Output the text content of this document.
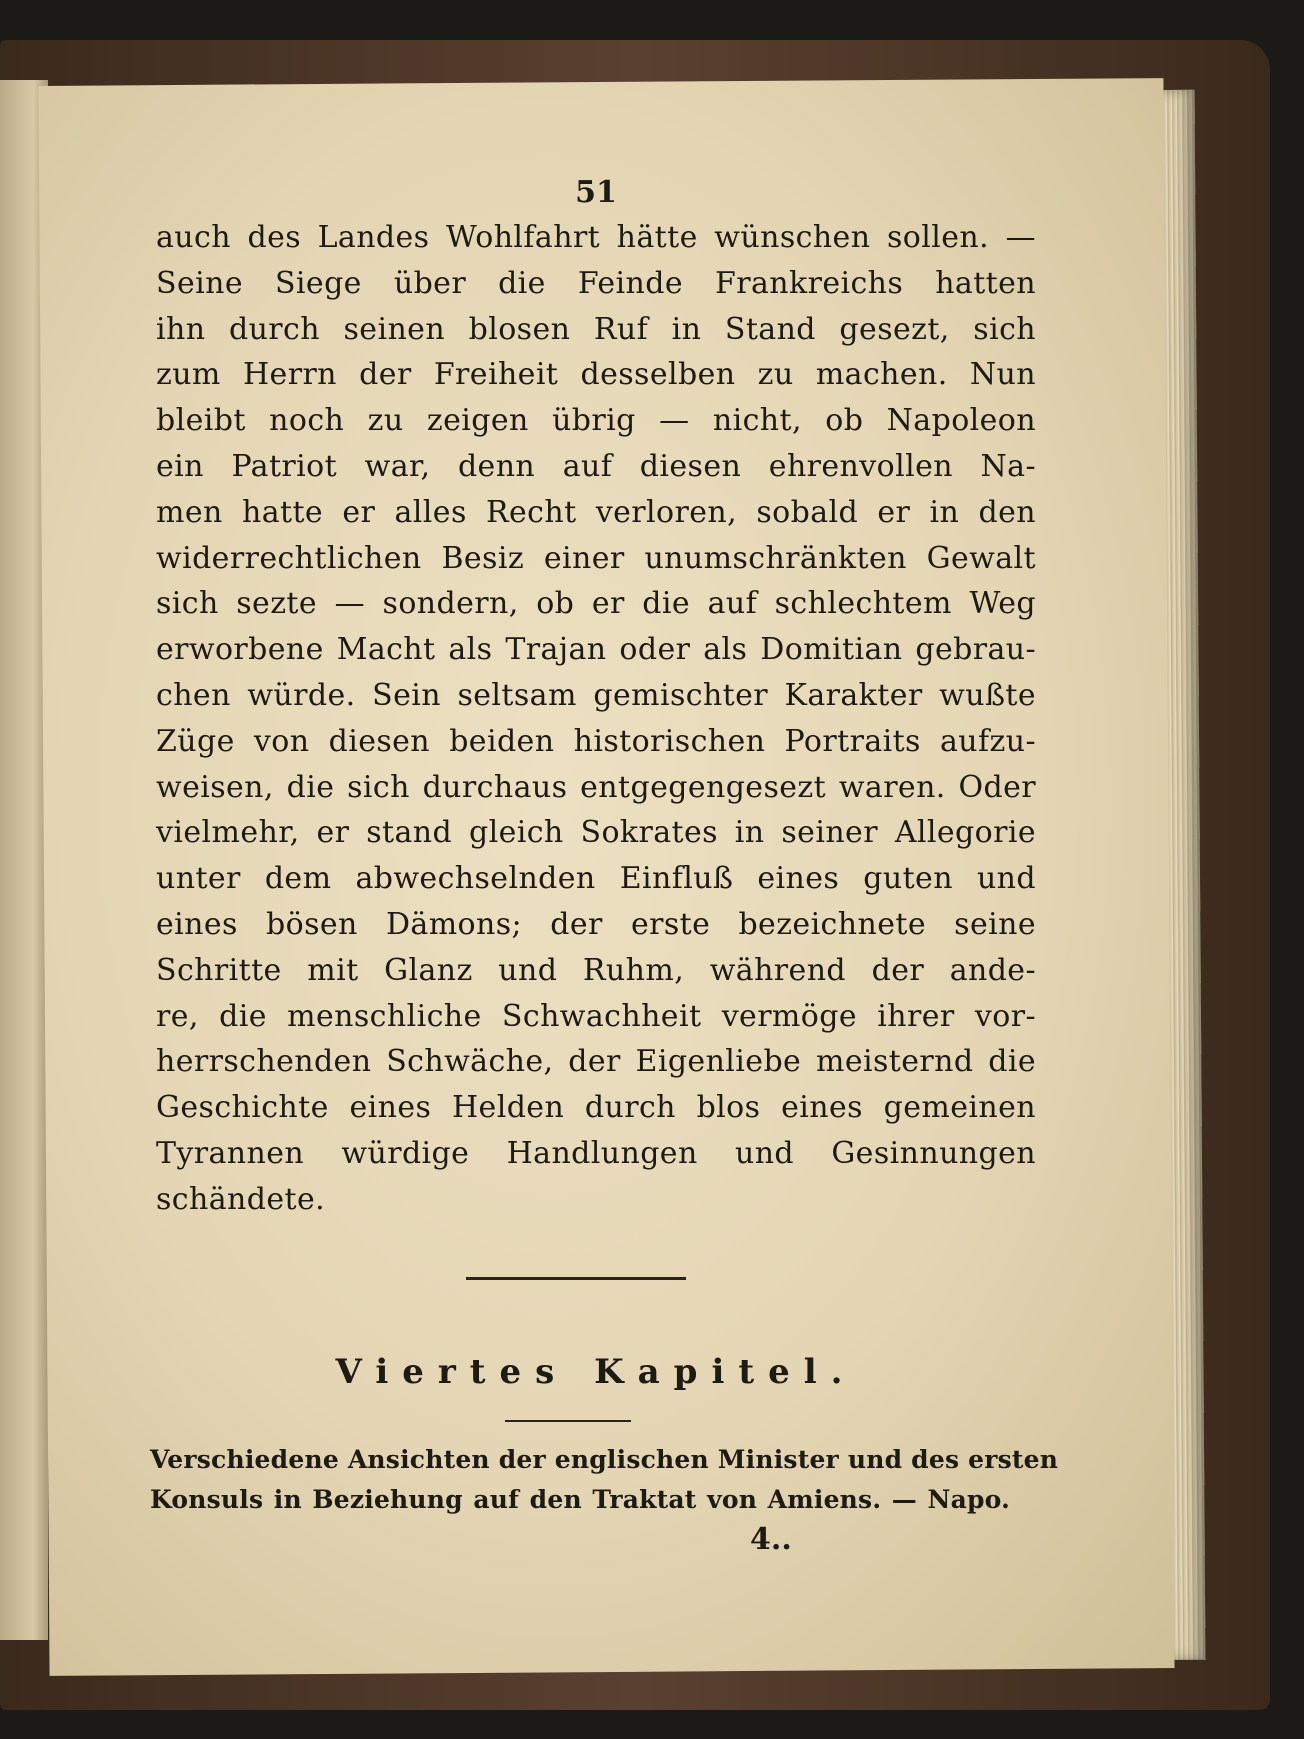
51
auch des Landes Wohlfahrt hätte wünschen sollen. —
Seine Siege über die Feinde Frankreichs hatten
ihn durch seinen blosen Ruf in Stand gesezt, sich
zum Herrn der Freiheit desselben zu machen. Nun
bleibt noch zu zeigen übrig — nicht, ob Napoleon
ein Patriot war, denn auf diesen ehrenvollen Na-
men hatte er alles Recht verloren, sobald er in den
widerrechtlichen Besiz einer unumschränkten Gewalt
sich sezte — sondern, ob er die auf schlechtem Weg
erworbene Macht als Trajan oder als Domitian gebrau-
chen würde. Sein seltsam gemischter Karakter wußte
Züge von diesen beiden historischen Portraits aufzu-
weisen, die sich durchaus entgegengesezt waren. Oder
vielmehr, er stand gleich Sokrates in seiner Allegorie
unter dem abwechselnden Einfluß eines guten und
eines bösen Dämons; der erste bezeichnete seine
Schritte mit Glanz und Ruhm, während der ande-
re, die menschliche Schwachheit vermöge ihrer vor-
herrschenden Schwäche, der Eigenliebe meisternd die
Geschichte eines Helden durch blos eines gemeinen
Tyrannen würdige Handlungen und Gesinnungen
schändete.
Viertes Kapitel.
Verschiedene Ansichten der englischen Minister und des ersten
Konsuls in Beziehung auf den Traktat von Amiens. — Napo.
4..
